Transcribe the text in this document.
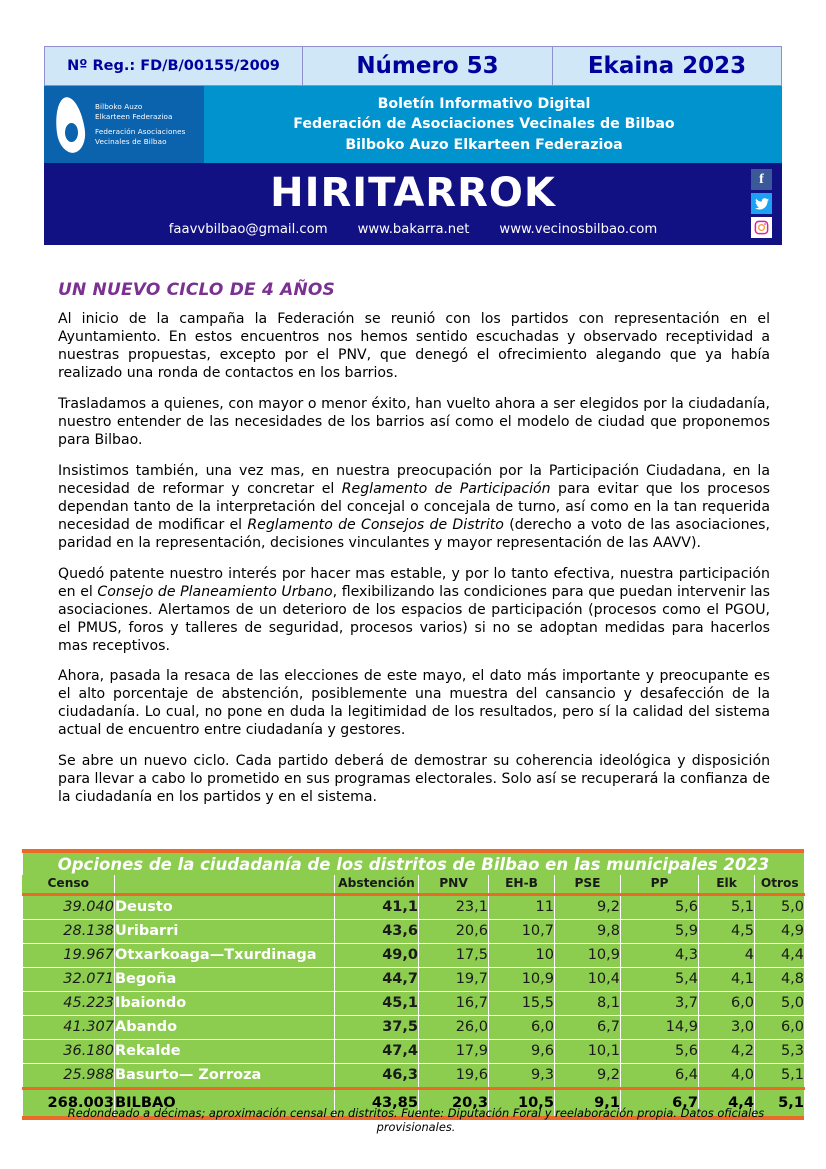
Nº Reg.: FD/B/00155/2009	Número 53	Ekaina 2023
Bilboko Auzo
Elkarteen Federazioa
Federación Asociaciones
Vecinales de Bilbao
Boletín Informativo Digital
Federación de Asociaciones Vecinales de Bilbao
Bilboko Auzo Elkarteen Federazioa
HIRITARROK
faavvbilbao@gmail.com www.bakarra.net www.vecinosbilbao.com
f
UN NUEVO CICLO DE 4 AÑOS

Al inicio de la campaña la Federación se reunió con los partidos con representación en el Ayuntamiento. En estos encuentros nos hemos sentido escuchadas y observado receptividad a nuestras propuestas, excepto por el PNV, que denegó el ofrecimiento alegando que ya había realizado una ronda de contactos en los barrios.

Trasladamos a quienes, con mayor o menor éxito, han vuelto ahora a ser elegidos por la ciudadanía, nuestro entender de las necesidades de los barrios así como el modelo de ciudad que proponemos para Bilbao.

Insistimos también, una vez mas, en nuestra preocupación por la Participación Ciudadana, en la necesidad de reformar y concretar el Reglamento de Participación para evitar que los procesos dependan tanto de la interpretación del concejal o concejala de turno, así como en la tan requerida necesidad de modificar el Reglamento de Consejos de Distrito (derecho a voto de las asociaciones, paridad en la representación, decisiones vinculantes y mayor representación de las AAVV).

Quedó patente nuestro interés por hacer mas estable, y por lo tanto efectiva, nuestra participación en el Consejo de Planeamiento Urbano, flexibilizando las condiciones para que puedan intervenir las asociaciones. Alertamos de un deterioro de los espacios de participación (procesos como el PGOU, el PMUS, foros y talleres de seguridad, procesos varios) si no se adoptan medidas para hacerlos mas receptivos.

Ahora, pasada la resaca de las elecciones de este mayo, el dato más importante y preocupante es el alto porcentaje de abstención, posiblemente una muestra del cansancio y desafección de la ciudadanía. Lo cual, no pone en duda la legitimidad de los resultados, pero sí la calidad del sistema actual de encuentro entre ciudadanía y gestores.

Se abre un nuevo ciclo. Cada partido deberá de demostrar su coherencia ideológica y disposición para llevar a cabo lo prometido en sus programas electorales. Solo así se recuperará la confianza de la ciudadanía en los partidos y en el sistema.

Opciones de la ciudadanía de los distritos de Bilbao en las municipales 2023								
Censo		Abstención	PNV	EH-B	PSE	PP	Elk	Otros
39.040	Deusto	41,1	23,1	11	9,2	5,6	5,1	5,0
28.138	Uribarri	43,6	20,6	10,7	9,8	5,9	4,5	4,9
19.967	Otxarkoaga—Txurdinaga	49,0	17,5	10	10,9	4,3	4	4,4
32.071	Begoña	44,7	19,7	10,9	10,4	5,4	4,1	4,8
45.223	Ibaiondo	45,1	16,7	15,5	8,1	3,7	6,0	5,0
41.307	Abando	37,5	26,0	6,0	6,7	14,9	3,0	6,0
36.180	Rekalde	47,4	17,9	9,6	10,1	5,6	4,2	5,3
25.988	Basurto— Zorroza	46,3	19,6	9,3	9,2	6,4	4,0	5,1
268.003	BILBAO	43,85	20,3	10,5	9,1	6,7	4,4	5,1
Redondeado a décimas; aproximación censal en distritos. Fuente: Diputación Foral y reelaboración propia. Datos oficiales provisionales.
